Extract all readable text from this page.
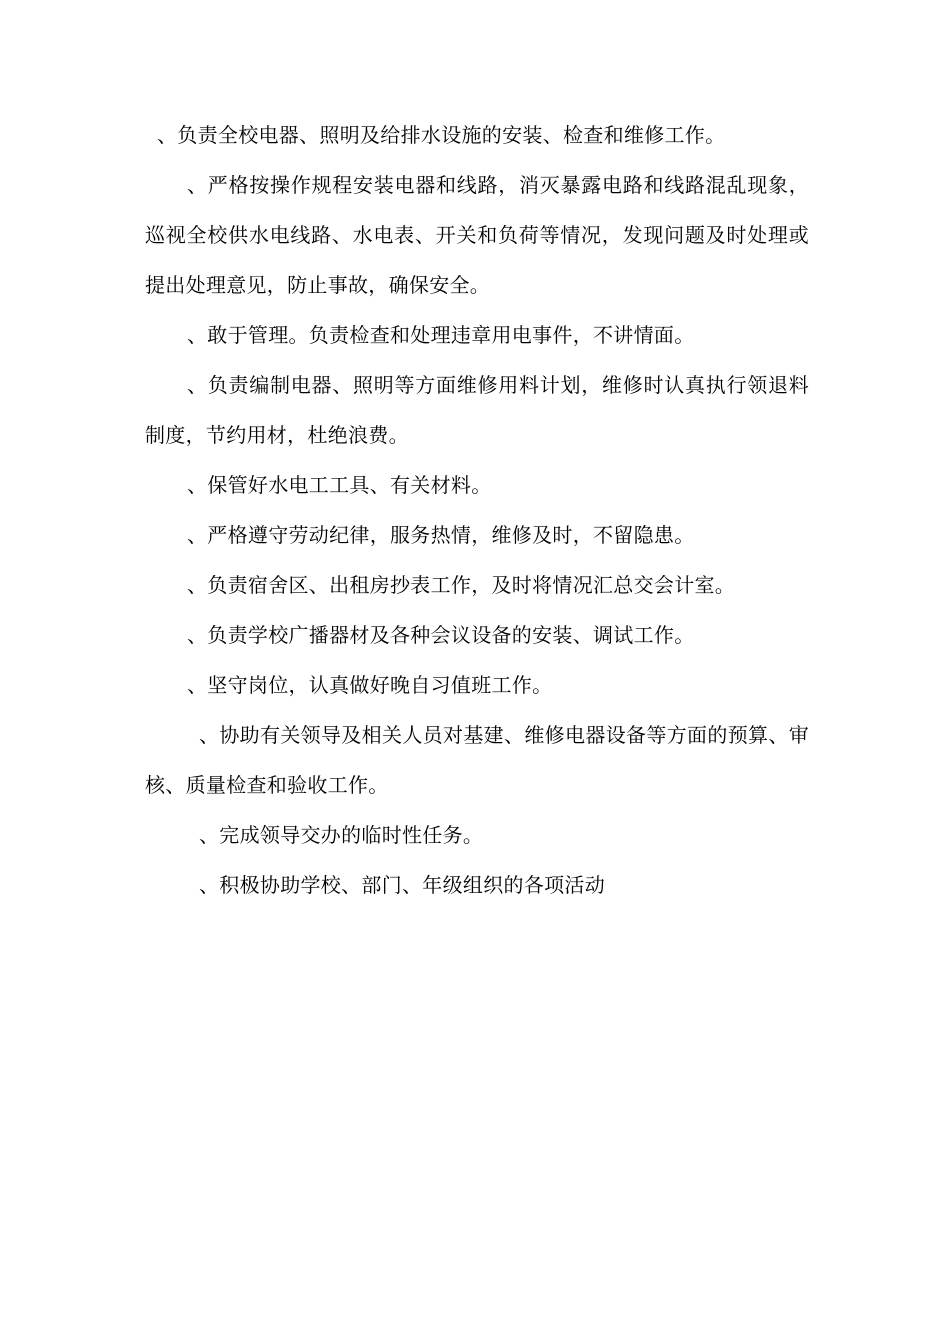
、负责全校电器、照明及给排水设施的安装、检查和维修工作。

、严格按操作规程安装电器和线路，消灭暴露电路和线路混乱现象，巡视全校供水电线路、水电表、开关和负荷等情况，发现问题及时处理或提出处理意见，防止事故，确保安全。

、敢于管理。负责检查和处理违章用电事件，不讲情面。

、负责编制电器、照明等方面维修用料计划，维修时认真执行领退料制度，节约用材，杜绝浪费。

、保管好水电工工具、有关材料。

、严格遵守劳动纪律，服务热情，维修及时，不留隐患。

、负责宿舍区、出租房抄表工作，及时将情况汇总交会计室。

、负责学校广播器材及各种会议设备的安装、调试工作。

、坚守岗位，认真做好晚自习值班工作。

、协助有关领导及相关人员对基建、维修电器设备等方面的预算、审核、质量检查和验收工作。

、完成领导交办的临时性任务。

、积极协助学校、部门、年级组织的各项活动
